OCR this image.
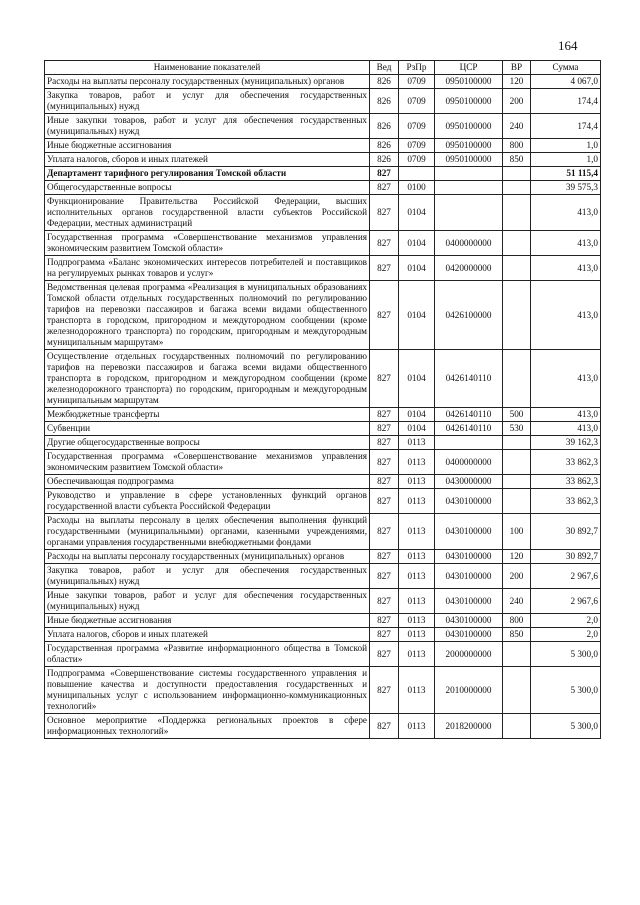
164
Наименование показателей	Вед	РзПр	ЦСР	ВР	Сумма
Расходы на выплаты персоналу государственных (муниципальных) органов	826	0709	0950100000	120	4 067,0
Закупка товаров, работ и услуг для обеспечения государственных (муниципальных) нужд	826	0709	0950100000	200	174,4
Иные закупки товаров, работ и услуг для обеспечения государственных (муниципальных) нужд	826	0709	0950100000	240	174,4
Иные бюджетные ассигнования	826	0709	0950100000	800	1,0
Уплата налогов, сборов и иных платежей	826	0709	0950100000	850	1,0
Департамент тарифного регулирования Томской области	827				51 115,4
Общегосударственные вопросы	827	0100			39 575,3
Функционирование Правительства Российской Федерации, высших исполнительных органов государственной власти субъектов Российской Федерации, местных администраций	827	0104			413,0
Государственная программа «Совершенствование механизмов управления экономическим развитием Томской области»	827	0104	0400000000		413,0
Подпрограмма «Баланс экономических интересов потребителей и поставщиков на регулируемых рынках товаров и услуг»	827	0104	0420000000		413,0
Ведомственная целевая программа «Реализация в муниципальных образованиях Томской области отдельных государственных полномочий по регулированию тарифов на перевозки пассажиров и багажа всеми видами общественного транспорта в городском, пригородном и междугородном сообщении (кроме железнодорожного транспорта) по городским, пригородным и междугородным муниципальным маршрутам»	827	0104	0426100000		413,0
Осуществление отдельных государственных полномочий по регулированию тарифов на перевозки пассажиров и багажа всеми видами общественного транспорта в городском, пригородном и междугородном сообщении (кроме железнодорожного транспорта) по городским, пригородным и междугородным муниципальным маршрутам	827	0104	0426140110		413,0
Межбюджетные трансферты	827	0104	0426140110	500	413,0
Субвенции	827	0104	0426140110	530	413,0
Другие общегосударственные вопросы	827	0113			39 162,3
Государственная программа «Совершенствование механизмов управления экономическим развитием Томской области»	827	0113	0400000000		33 862,3
Обеспечивающая подпрограмма	827	0113	0430000000		33 862,3
Руководство и управление в сфере установленных функций органов государственной власти субъекта Российской Федерации	827	0113	0430100000		33 862,3
Расходы на выплаты персоналу в целях обеспечения выполнения функций государственными (муниципальными) органами, казенными учреждениями, органами управления государственными внебюджетными фондами	827	0113	0430100000	100	30 892,7
Расходы на выплаты персоналу государственных (муниципальных) органов	827	0113	0430100000	120	30 892,7
Закупка товаров, работ и услуг для обеспечения государственных (муниципальных) нужд	827	0113	0430100000	200	2 967,6
Иные закупки товаров, работ и услуг для обеспечения государственных (муниципальных) нужд	827	0113	0430100000	240	2 967,6
Иные бюджетные ассигнования	827	0113	0430100000	800	2,0
Уплата налогов, сборов и иных платежей	827	0113	0430100000	850	2,0
Государственная программа «Развитие информационного общества в Томской области»	827	0113	2000000000		5 300,0
Подпрограмма «Совершенствование системы государственного управления и повышение качества и доступности предоставления государственных и муниципальных услуг с использованием информационно-коммуникационных технологий»	827	0113	2010000000		5 300,0
Основное мероприятие «Поддержка региональных проектов в сфере информационных технологий»	827	0113	2018200000		5 300,0
